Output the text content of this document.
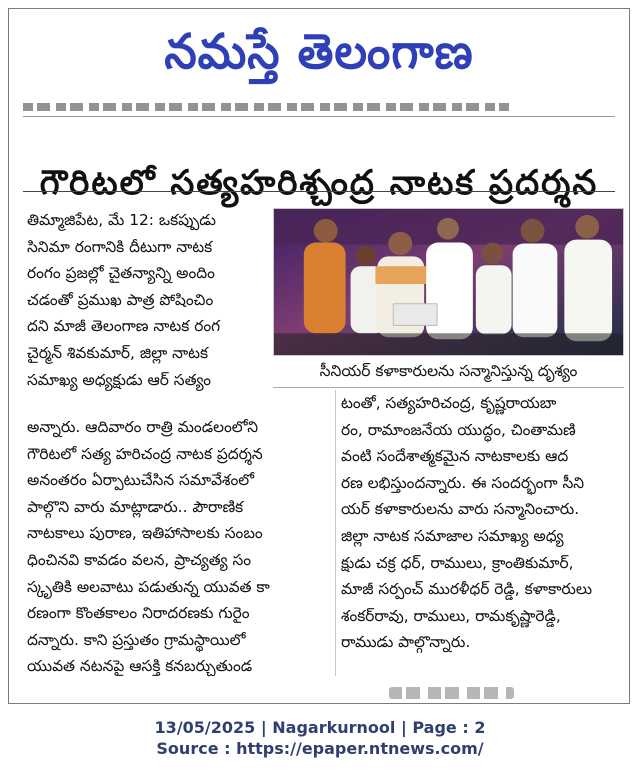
నమస్తే తెలంగాణ
గౌరిటలో సత్యహరిశ్చంద్ర నాటక ప్రదర్శన

తిమ్మాజిపేట, మే 12: ఒకప్పుడు

సినిమా రంగానికి దీటుగా నాటక

రంగం ప్రజల్లో చైతన్యాన్ని అందిం

చడంతో ప్రముఖ పాత్ర పోషించిం

దని మాజీ తెలంగాణ నాటక రంగ

చైర్మన్ శివకుమార్, జిల్లా నాటక

సమాఖ్య అధ్యక్షుడు ఆర్ సత్యం	సీనియర్ కళాకారులను సన్మానిస్తున్న దృశ్యం

అన్నారు. ఆదివారం రాత్రి మండలంలోని

గౌరిటలో సత్య హరిచంద్ర నాటక ప్రదర్శన

అనంతరం ఏర్పాటుచేసిన సమావేశంలో

పాల్గొని వారు మాట్లాడారు.. పౌరాణిక

నాటకాలు పురాణ, ఇతిహాసాలకు సంబం

ధించినవి కావడం వలన, ప్రాచ్యత్య సం

స్కృతికి అలవాటు పడుతున్న యువత కా

రణంగా కొంతకాలం నిరాదరణకు గురైం

దన్నారు. కాని ప్రస్తుతం గ్రామస్థాయిలో

యువత నటనపై ఆసక్తి కనబర్చుతుండ

టంతో, సత్యహరిచంద్ర, కృష్ణరాయబా

రం, రామాంజనేయ యుద్ధం, చింతామణి

వంటి సందేశాత్మకమైన నాటకాలకు ఆద

రణ లభిస్తుందన్నారు. ఈ సందర్భంగా సీని

యర్ కళాకారులను వారు సన్మానించారు.

జిల్లా నాటక సమాజాల సమాఖ్య అధ్య

క్షుడు చక్ర ధర్, రాములు, క్రాంతికుమార్,

మాజీ సర్పంచ్ మురళీధర్ రెడ్డి, కళాకారులు

శంకర్‌రావు, రాములు, రామకృష్ణారెడ్డి,

రాముడు పాల్గొన్నారు.

13/05/2025 | Nagarkurnool | Page : 2
Source : https://epaper.ntnews.com/
